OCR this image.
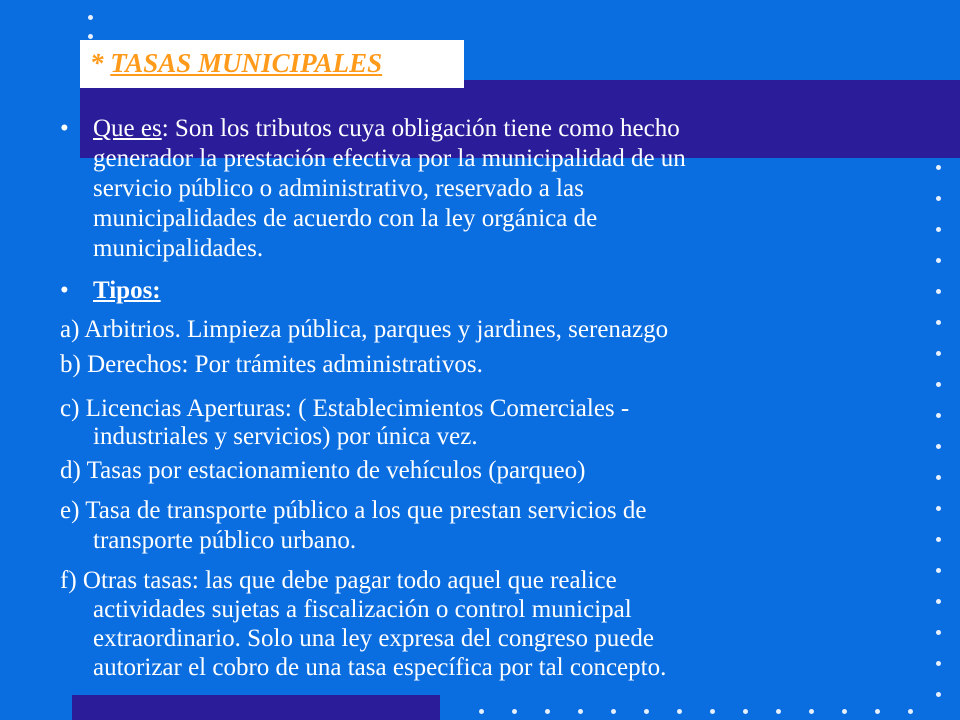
* TASAS MUNICIPALES
• Que es: Son los tributos cuya obligación tiene como hecho
generador la prestación efectiva por la municipalidad de un
servicio público o administrativo, reservado a las
municipalidades de acuerdo con la ley orgánica de
municipalidades.
• Tipos:
a) Arbitrios. Limpieza pública, parques y jardines, serenazgo
b) Derechos: Por trámites administrativos.
c) Licencias Aperturas: ( Establecimientos Comerciales -
industriales y servicios) por única vez.
d) Tasas por estacionamiento de vehículos (parqueo)
e) Tasa de transporte público a los que prestan servicios de
transporte público urbano.
f) Otras tasas: las que debe pagar todo aquel que realice
actividades sujetas a fiscalización o control municipal
extraordinario. Solo una ley expresa del congreso puede
autorizar el cobro de una tasa específica por tal concepto.
